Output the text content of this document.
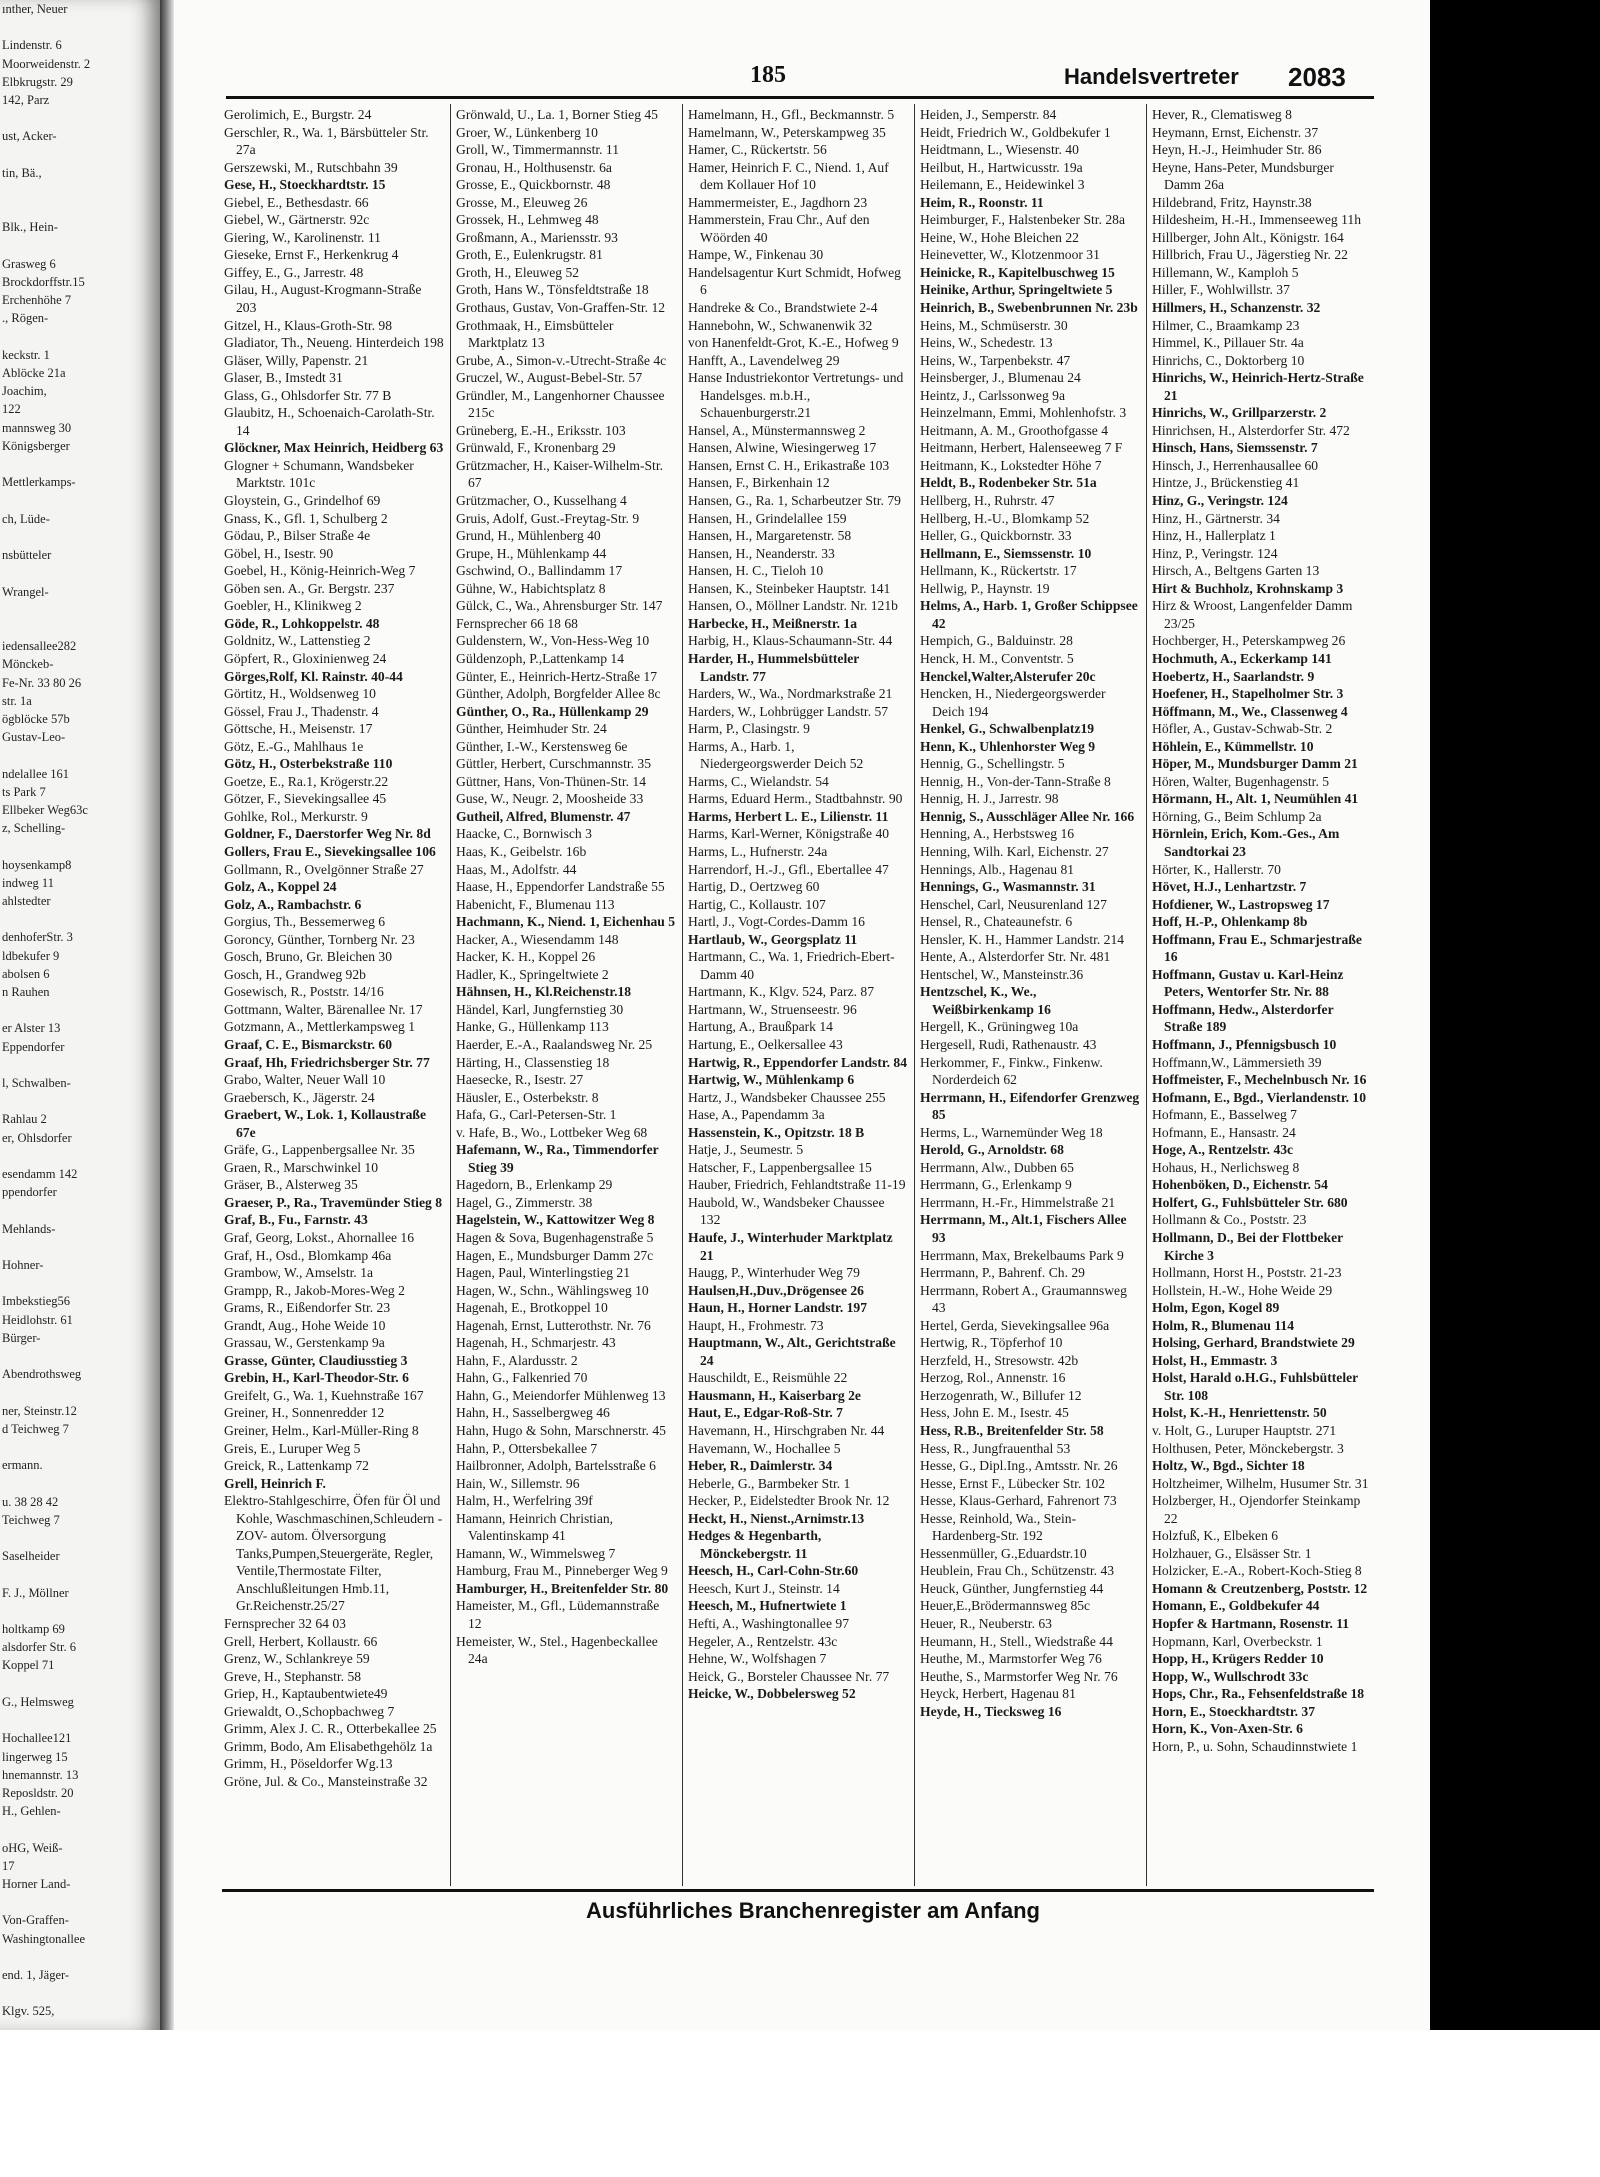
ınther, Neuer

Lindenstr. 6
Moorweidenstr. 2
Elbkrugstr. 29
142, Parz

ust, Acker-

tin, Bä.,

Blk., Hein-

Grasweg 6
Brockdorffstr.15
Erchenhöhe 7
., Rögen-

keckstr. 1
Ablöcke 21a
Joachim,
122
mannsweg 30
Königsberger

Mettlerkamps-

ch, Lüde-

nsbütteler

Wrangel-

iedensallee282
Mönckeb-
Fe-Nr. 33 80 26
str. 1a
ögblöcke 57b
Gustav-Leo-

ndelallee 161
ts Park 7
Ellbeker Weg63c
z, Schelling-

hoysenkamp8
indweg 11
ahlstedter

denhoferStr. 3
ldbekufer 9
abolsen 6
n Rauhen

er Alster 13
Eppendorfer

l, Schwalben-

Rahlau 2
er, Ohlsdorfer

esendamm 142
ppendorfer

Mehlands-

Hohner-

Imbekstieg56
Heidlohstr. 61
Bürger-

Abendrothsweg

ner, Steinstr.12
d Teichweg 7

ermann.

u. 38 28 42
Teichweg 7

Saselheider

F. J., Möllner

holtkamp 69
alsdorfer Str. 6
Koppel 71

G., Helmsweg

Hochallee121
lingerweg 15
hnemannstr. 13
Reposldstr. 20
H., Gehlen-

oHG, Weiß-
17
Horner Land-

Von-Graffen-
Washingtonallee

end. 1, Jäger-

Klgv. 525,

185	Handelsvertreter 2083
Gerolimich, E., Burgstr. 24
Gerschler, R., Wa. 1, Bärsbütteler Str. 27a
Gerszewski, M., Rutschbahn 39
Gese, H., Stoeckhardtstr. 15
Giebel, E., Bethesdastr. 66
Giebel, W., Gärtnerstr. 92c
Giering, W., Karolinenstr. 11
Gieseke, Ernst F., Herkenkrug 4
Giffey, E., G., Jarrestr. 48
Gilau, H., August-Krogmann-Straße 203
Gitzel, H., Klaus-Groth-Str. 98
Gladiator, Th., Neueng. Hinterdeich 198
Gläser, Willy, Papenstr. 21
Glaser, B., Imstedt 31
Glass, G., Ohlsdorfer Str. 77 B
Glaubitz, H., Schoenaich-Carolath-Str. 14
Glöckner, Max Heinrich, Heidberg 63
Glogner + Schumann, Wandsbeker Marktstr. 101c
Gloystein, G., Grindelhof 69
Gnass, K., Gfl. 1, Schulberg 2
Gödau, P., Bilser Straße 4e
Göbel, H., Isestr. 90
Goebel, H., König-Heinrich-Weg 7
Göben sen. A., Gr. Bergstr. 237
Goebler, H., Klinikweg 2
Göde, R., Lohkoppelstr. 48
Goldnitz, W., Lattenstieg 2
Göpfert, R., Gloxinienweg 24
Görges,Rolf, Kl. Rainstr. 40-44
Görtitz, H., Woldsenweg 10
Gössel, Frau J., Thadenstr. 4
Göttsche, H., Meisenstr. 17
Götz, E.-G., Mahlhaus 1e
Götz, H., Osterbekstraße 110
Goetze, E., Ra.1, Krögerstr.22
Götzer, F., Sievekingsallee 45
Gohlke, Rol., Merkurstr. 9
Goldner, F., Daerstorfer Weg Nr. 8d
Gollers, Frau E., Sievekingsallee 106
Gollmann, R., Ovelgönner Straße 27
Golz, A., Koppel 24
Golz, A., Rambachstr. 6
Gorgius, Th., Bessemerweg 6
Goroncy, Günther, Tornberg Nr. 23
Gosch, Bruno, Gr. Bleichen 30
Gosch, H., Grandweg 92b
Gosewisch, R., Poststr. 14/16
Gottmann, Walter, Bärenallee Nr. 17
Gotzmann, A., Mettlerkampsweg 1
Graaf, C. E., Bismarckstr. 60
Graaf, Hh, Friedrichsberger Str. 77
Grabo, Walter, Neuer Wall 10
Graebersch, K., Jägerstr. 24
Graebert, W., Lok. 1, Kollaustraße 67e
Gräfe, G., Lappenbergsallee Nr. 35
Graen, R., Marschwinkel 10
Gräser, B., Alsterweg 35
Graeser, P., Ra., Travemünder Stieg 8
Graf, B., Fu., Farnstr. 43
Graf, Georg, Lokst., Ahornallee 16
Graf, H., Osd., Blomkamp 46a
Grambow, W., Amselstr. 1a
Grampp, R., Jakob-Mores-Weg 2
Grams, R., Eißendorfer Str. 23
Grandt, Aug., Hohe Weide 10
Grassau, W., Gerstenkamp 9a
Grasse, Günter, Claudiusstieg 3
Grebin, H., Karl-Theodor-Str. 6
Greifelt, G., Wa. 1, Kuehnstraße 167
Greiner, H., Sonnenredder 12
Greiner, Helm., Karl-Müller-Ring 8
Greis, E., Luruper Weg 5
Greick, R., Lattenkamp 72
Grell, Heinrich F.
Elektro-Stahlgeschirre, Öfen für Öl und Kohle, Waschmaschinen,Schleudern -ZOV- autom. Ölversorgung Tanks,Pumpen,Steuergeräte, Regler, Ventile,Thermostate Filter, Anschlußleitungen Hmb.11, Gr.Reichenstr.25/27
Fernsprecher 32 64 03
Grell, Herbert, Kollaustr. 66
Grenz, W., Schlankreye 59
Greve, H., Stephanstr. 58
Griep, H., Kaptaubentwiete49
Griewaldt, O.,Schopbachweg 7
Grimm, Alex J. C. R., Otterbekallee 25
Grimm, Bodo, Am Elisabethgehölz 1a
Grimm, H., Pöseldorfer Wg.13
Gröne, Jul. & Co., Mansteinstraße 32
Grönwald, U., La. 1, Borner Stieg 45
Groer, W., Lünkenberg 10
Groll, W., Timmermannstr. 11
Gronau, H., Holthusenstr. 6a
Grosse, E., Quickbornstr. 48
Grosse, M., Eleuweg 26
Grossek, H., Lehmweg 48
Großmann, A., Mariensstr. 93
Groth, E., Eulenkrugstr. 81
Groth, H., Eleuweg 52
Groth, Hans W., Tönsfeldtstraße 18
Grothaus, Gustav, Von-Graffen-Str. 12
Grothmaak, H., Eimsbütteler Marktplatz 13
Grube, A., Simon-v.-Utrecht-Straße 4c
Gruczel, W., August-Bebel-Str. 57
Gründler, M., Langenhorner Chaussee 215c
Grüneberg, E.-H., Eriksstr. 103
Grünwald, F., Kronenbarg 29
Grützmacher, H., Kaiser-Wilhelm-Str. 67
Grützmacher, O., Kusselhang 4
Gruis, Adolf, Gust.-Freytag-Str. 9
Grund, H., Mühlenberg 40
Grupe, H., Mühlenkamp 44
Gschwind, O., Ballindamm 17
Gühne, W., Habichtsplatz 8
Gülck, C., Wa., Ahrensburger Str. 147
Fernsprecher 66 18 68
Guldenstern, W., Von-Hess-Weg 10
Güldenzoph, P.,Lattenkamp 14
Günter, E., Heinrich-Hertz-Straße 17
Günther, Adolph, Borgfelder Allee 8c
Günther, O., Ra., Hüllenkamp 29
Günther, Heimhuder Str. 24
Günther, I.-W., Kerstensweg 6e
Güttler, Herbert, Curschmannstr. 35
Güttner, Hans, Von-Thünen-Str. 14
Guse, W., Neugr. 2, Moosheide 33
Gutheil, Alfred, Blumenstr. 47
Haacke, C., Bornwisch 3
Haas, K., Geibelstr. 16b
Haas, M., Adolfstr. 44
Haase, H., Eppendorfer Landstraße 55
Habenicht, F., Blumenau 113
Hachmann, K., Niend. 1, Eichenhau 5
Hacker, A., Wiesendamm 148
Hacker, K. H., Koppel 26
Hadler, K., Springeltwiete 2
Hähnsen, H., Kl.Reichenstr.18
Händel, Karl, Jungfernstieg 30
Hanke, G., Hüllenkamp 113
Haerder, E.-A., Raalandsweg Nr. 25
Härting, H., Classenstieg 18
Haesecke, R., Isestr. 27
Häusler, E., Osterbekstr. 8
Hafa, G., Carl-Petersen-Str. 1
v. Hafe, B., Wo., Lottbeker Weg 68
Hafemann, W., Ra., Timmendorfer Stieg 39
Hagedorn, B., Erlenkamp 29
Hagel, G., Zimmerstr. 38
Hagelstein, W., Kattowitzer Weg 8
Hagen & Sova, Bugenhagenstraße 5
Hagen, E., Mundsburger Damm 27c
Hagen, Paul, Winterlingstieg 21
Hagen, W., Schn., Wählingsweg 10
Hagenah, E., Brotkoppel 10
Hagenah, Ernst, Lutterothstr. Nr. 76
Hagenah, H., Schmarjestr. 43
Hahn, F., Alardusstr. 2
Hahn, G., Falkenried 70
Hahn, G., Meiendorfer Mühlenweg 13
Hahn, H., Sasselbergweg 46
Hahn, Hugo & Sohn, Marschnerstr. 45
Hahn, P., Ottersbekallee 7
Hailbronner, Adolph, Bartelsstraße 6
Hain, W., Sillemstr. 96
Halm, H., Werfelring 39f
Hamann, Heinrich Christian, Valentinskamp 41
Hamann, W., Wimmelsweg 7
Hamburg, Frau M., Pinneberger Weg 9
Hamburger, H., Breitenfelder Str. 80
Hameister, M., Gfl., Lüdemannstraße 12
Hemeister, W., Stel., Hagenbeckallee 24a
Hamelmann, H., Gfl., Beckmannstr. 5
Hamelmann, W., Peterskampweg 35
Hamer, C., Rückertstr. 56
Hamer, Heinrich F. C., Niend. 1, Auf dem Kollauer Hof 10
Hammermeister, E., Jagdhorn 23
Hammerstein, Frau Chr., Auf den Wöörden 40
Hampe, W., Finkenau 30
Handelsagentur Kurt Schmidt, Hofweg 6
Handreke & Co., Brandstwiete 2-4
Hannebohn, W., Schwanenwik 32
von Hanenfeldt-Grot, K.-E., Hofweg 9
Hanfft, A., Lavendelweg 29
Hanse Industriekontor Vertretungs- und Handelsges. m.b.H., Schauenburgerstr.21
Hansel, A., Münstermannsweg 2
Hansen, Alwine, Wiesingerweg 17
Hansen, Ernst C. H., Erikastraße 103
Hansen, F., Birkenhain 12
Hansen, G., Ra. 1, Scharbeutzer Str. 79
Hansen, H., Grindelallee 159
Hansen, H., Margaretenstr. 58
Hansen, H., Neanderstr. 33
Hansen, H. C., Tieloh 10
Hansen, K., Steinbeker Hauptstr. 141
Hansen, O., Möllner Landstr. Nr. 121b
Harbecke, H., Meißnerstr. 1a
Harbig, H., Klaus-Schaumann-Str. 44
Harder, H., Hummelsbütteler Landstr. 77
Harders, W., Wa., Nordmarkstraße 21
Harders, W., Lohbrügger Landstr. 57
Harm, P., Clasingstr. 9
Harms, A., Harb. 1, Niedergeorgswerder Deich 52
Harms, C., Wielandstr. 54
Harms, Eduard Herm., Stadtbahnstr. 90
Harms, Herbert L. E., Lilienstr. 11
Harms, Karl-Werner, Königstraße 40
Harms, L., Hufnerstr. 24a
Harrendorf, H.-J., Gfl., Ebertallee 47
Hartig, D., Oertzweg 60
Hartig, C., Kollaustr. 107
Hartl, J., Vogt-Cordes-Damm 16
Hartlaub, W., Georgsplatz 11
Hartmann, C., Wa. 1, Friedrich-Ebert-Damm 40
Hartmann, K., Klgv. 524, Parz. 87
Hartmann, W., Struenseestr. 96
Hartung, A., Braußpark 14
Hartung, E., Oelkersallee 43
Hartwig, R., Eppendorfer Landstr. 84
Hartwig, W., Mühlenkamp 6
Hartz, J., Wandsbeker Chaussee 255
Hase, A., Papendamm 3a
Hassenstein, K., Opitzstr. 18 B
Hatje, J., Seumestr. 5
Hatscher, F., Lappenbergsallee 15
Hauber, Friedrich, Fehlandtstraße 11-19
Haubold, W., Wandsbeker Chaussee 132
Haufe, J., Winterhuder Marktplatz 21
Haugg, P., Winterhuder Weg 79
Haulsen,H.,Duv.,Drögensee 26
Haun, H., Horner Landstr. 197
Haupt, H., Frohmestr. 73
Hauptmann, W., Alt., Gerichtstraße 24
Hauschildt, E., Reismühle 22
Hausmann, H., Kaiserbarg 2e
Haut, E., Edgar-Roß-Str. 7
Havemann, H., Hirschgraben Nr. 44
Havemann, W., Hochallee 5
Heber, R., Daimlerstr. 34
Heberle, G., Barmbeker Str. 1
Hecker, P., Eidelstedter Brook Nr. 12
Heckt, H., Nienst.,Arnimstr.13
Hedges & Hegenbarth, Mönckebergstr. 11
Heesch, H., Carl-Cohn-Str.60
Heesch, Kurt J., Steinstr. 14
Heesch, M., Hufnertwiete 1
Hefti, A., Washingtonallee 97
Hegeler, A., Rentzelstr. 43c
Hehne, W., Wolfshagen 7
Heick, G., Borsteler Chaussee Nr. 77
Heicke, W., Dobbelersweg 52
Heiden, J., Semperstr. 84
Heidt, Friedrich W., Goldbekufer 1
Heidtmann, L., Wiesenstr. 40
Heilbut, H., Hartwicusstr. 19a
Heilemann, E., Heidewinkel 3
Heim, R., Roonstr. 11
Heimburger, F., Halstenbeker Str. 28a
Heine, W., Hohe Bleichen 22
Heinevetter, W., Klotzenmoor 31
Heinicke, R., Kapitelbuschweg 15
Heinike, Arthur, Springeltwiete 5
Heinrich, B., Swebenbrunnen Nr. 23b
Heins, M., Schmüserstr. 30
Heins, W., Schedestr. 13
Heins, W., Tarpenbekstr. 47
Heinsberger, J., Blumenau 24
Heintz, J., Carlssonweg 9a
Heinzelmann, Emmi, Mohlenhofstr. 3
Heitmann, A. M., Groothofgasse 4
Heitmann, Herbert, Halenseeweg 7 F
Heitmann, K., Lokstedter Höhe 7
Heldt, B., Rodenbeker Str. 51a
Hellberg, H., Ruhrstr. 47
Hellberg, H.-U., Blomkamp 52
Heller, G., Quickbornstr. 33
Hellmann, E., Siemssenstr. 10
Hellmann, K., Rückertstr. 17
Hellwig, P., Haynstr. 19
Helms, A., Harb. 1, Großer Schippsee 42
Hempich, G., Balduinstr. 28
Henck, H. M., Conventstr. 5
Henckel,Walter,Alsterufer 20c
Hencken, H., Niedergeorgswerder Deich 194
Henkel, G., Schwalbenplatz19
Henn, K., Uhlenhorster Weg 9
Hennig, G., Schellingstr. 5
Hennig, H., Von-der-Tann-Straße 8
Hennig, H. J., Jarrestr. 98
Hennig, S., Ausschläger Allee Nr. 166
Henning, A., Herbstsweg 16
Henning, Wilh. Karl, Eichenstr. 27
Hennings, Alb., Hagenau 81
Hennings, G., Wasmannstr. 31
Henschel, Carl, Neusurenland 127
Hensel, R., Chateaunefstr. 6
Hensler, K. H., Hammer Landstr. 214
Hente, A., Alsterdorfer Str. Nr. 481
Hentschel, W., Mansteinstr.36
Hentzschel, K., We., Weißbirkenkamp 16
Hergell, K., Grüningweg 10a
Hergesell, Rudi, Rathenaustr. 43
Herkommer, F., Finkw., Finkenw. Norderdeich 62
Herrmann, H., Eifendorfer Grenzweg 85
Herms, L., Warnemünder Weg 18
Herold, G., Arnoldstr. 68
Herrmann, Alw., Dubben 65
Herrmann, G., Erlenkamp 9
Herrmann, H.-Fr., Himmelstraße 21
Herrmann, M., Alt.1, Fischers Allee 93
Herrmann, Max, Brekelbaums Park 9
Herrmann, P., Bahrenf. Ch. 29
Herrmann, Robert A., Graumannsweg 43
Hertel, Gerda, Sievekingsallee 96a
Hertwig, R., Töpferhof 10
Herzfeld, H., Stresowstr. 42b
Herzog, Rol., Annenstr. 16
Herzogenrath, W., Billufer 12
Hess, John E. M., Isestr. 45
Hess, R.B., Breitenfelder Str. 58
Hess, R., Jungfrauenthal 53
Hesse, G., Dipl.Ing., Amtsstr. Nr. 26
Hesse, Ernst F., Lübecker Str. 102
Hesse, Klaus-Gerhard, Fahrenort 73
Hesse, Reinhold, Wa., Stein-Hardenberg-Str. 192
Hessenmüller, G.,Eduardstr.10
Heublein, Frau Ch., Schützenstr. 43
Heuck, Günther, Jungfernstieg 44
Heuer,E.,Brödermannsweg 85c
Heuer, R., Neuberstr. 63
Heumann, H., Stell., Wiedstraße 44
Heuthe, M., Marmstorfer Weg 76
Heuthe, S., Marmstorfer Weg Nr. 76
Heyck, Herbert, Hagenau 81
Heyde, H., Tiecksweg 16
Hever, R., Clematisweg 8
Heymann, Ernst, Eichenstr. 37
Heyn, H.-J., Heimhuder Str. 86
Heyne, Hans-Peter, Mundsburger Damm 26a
Hildebrand, Fritz, Haynstr.38
Hildesheim, H.-H., Immenseeweg 11h
Hillberger, John Alt., Königstr. 164
Hillbrich, Frau U., Jägerstieg Nr. 22
Hillemann, W., Kamploh 5
Hiller, F., Wohlwillstr. 37
Hillmers, H., Schanzenstr. 32
Hilmer, C., Braamkamp 23
Himmel, K., Pillauer Str. 4a
Hinrichs, C., Doktorberg 10
Hinrichs, W., Heinrich-Hertz-Straße 21
Hinrichs, W., Grillparzerstr. 2
Hinrichsen, H., Alsterdorfer Str. 472
Hinsch, Hans, Siemssenstr. 7
Hinsch, J., Herrenhausallee 60
Hintze, J., Brückenstieg 41
Hinz, G., Veringstr. 124
Hinz, H., Gärtnerstr. 34
Hinz, H., Hallerplatz 1
Hinz, P., Veringstr. 124
Hirsch, A., Beltgens Garten 13
Hirt & Buchholz, Krohnskamp 3
Hirz & Wroost, Langenfelder Damm 23/25
Hochberger, H., Peterskampweg 26
Hochmuth, A., Eckerkamp 141
Hoebertz, H., Saarlandstr. 9
Hoefener, H., Stapelholmer Str. 3
Höffmann, M., We., Classenweg 4
Höfler, A., Gustav-Schwab-Str. 2
Höhlein, E., Kümmellstr. 10
Höper, M., Mundsburger Damm 21
Hören, Walter, Bugenhagenstr. 5
Hörmann, H., Alt. 1, Neumühlen 41
Hörning, G., Beim Schlump 2a
Hörnlein, Erich, Kom.-Ges., Am Sandtorkai 23
Hörter, K., Hallerstr. 70
Hövet, H.J., Lenhartzstr. 7
Hofdiener, W., Lastropsweg 17
Hoff, H.-P., Ohlenkamp 8b
Hoffmann, Frau E., Schmarjestraße 16
Hoffmann, Gustav u. Karl-Heinz Peters, Wentorfer Str. Nr. 88
Hoffmann, Hedw., Alsterdorfer Straße 189
Hoffmann, J., Pfennigsbusch 10
Hoffmann,W., Lämmersieth 39
Hoffmeister, F., Mechelnbusch Nr. 16
Hofmann, E., Bgd., Vierlandenstr. 10
Hofmann, E., Basselweg 7
Hofmann, E., Hansastr. 24
Hoge, A., Rentzelstr. 43c
Hohaus, H., Nerlichsweg 8
Hohenböken, D., Eichenstr. 54
Holfert, G., Fuhlsbütteler Str. 680
Hollmann & Co., Poststr. 23
Hollmann, D., Bei der Flottbeker Kirche 3
Hollmann, Horst H., Poststr. 21-23
Hollstein, H.-W., Hohe Weide 29
Holm, Egon, Kogel 89
Holm, R., Blumenau 114
Holsing, Gerhard, Brandstwiete 29
Holst, H., Emmastr. 3
Holst, Harald o.H.G., Fuhlsbütteler Str. 108
Holst, K.-H., Henriettenstr. 50
v. Holt, G., Luruper Hauptstr. 271
Holthusen, Peter, Mönckebergstr. 3
Holtz, W., Bgd., Sichter 18
Holtzheimer, Wilhelm, Husumer Str. 31
Holzberger, H., Ojendorfer Steinkamp 22
Holzfuß, K., Elbeken 6
Holzhauer, G., Elsässer Str. 1
Holzicker, E.-A., Robert-Koch-Stieg 8
Homann & Creutzenberg, Poststr. 12
Homann, E., Goldbekufer 44
Hopfer & Hartmann, Rosenstr. 11
Hopmann, Karl, Overbeckstr. 1
Hopp, H., Krügers Redder 10
Hopp, W., Wullschrodt 33c
Hops, Chr., Ra., Fehsenfeldstraße 18
Horn, E., Stoeckhardtstr. 37
Horn, K., Von-Axen-Str. 6
Horn, P., u. Sohn, Schaudinnstwiete 1
Ausführliches Branchenregister am Anfang
